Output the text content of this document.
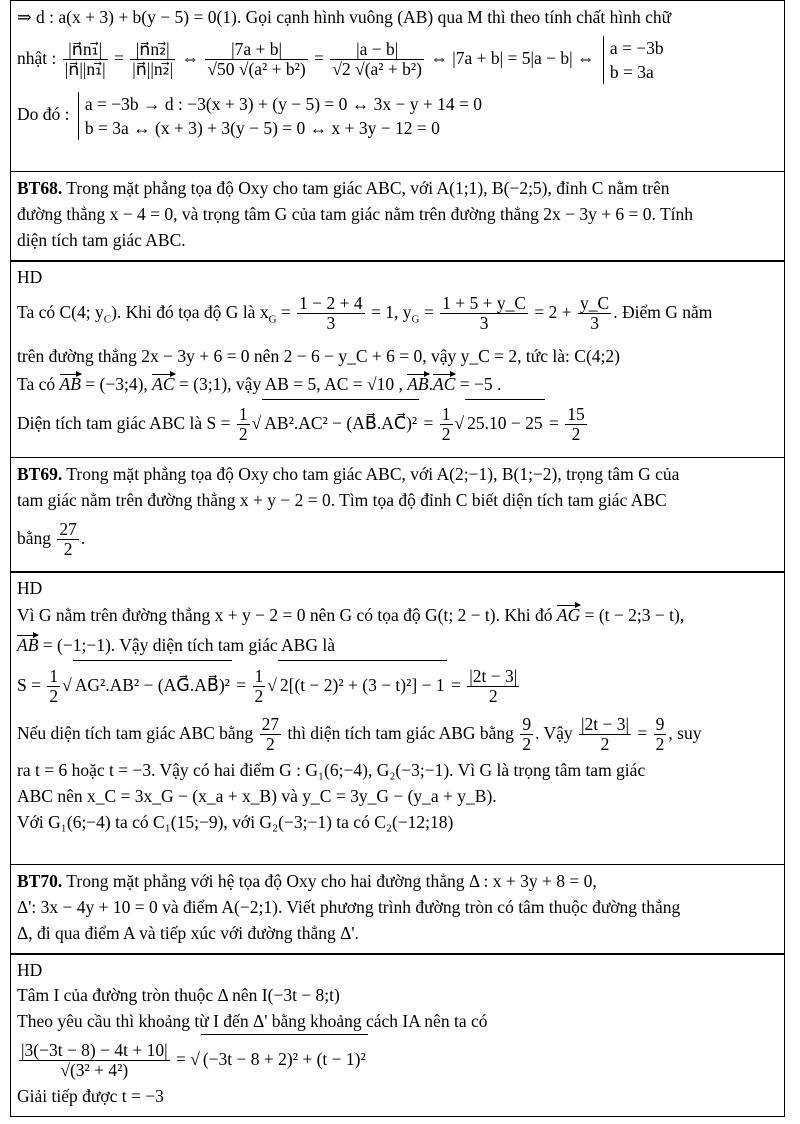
⇒ d : a(x + 3) + b(y − 5) = 0(1). Gọi cạnh hình vuông (AB) qua M thì theo tính chất hình chữ
nhật : $\frac{\text{|n⃗n₁⃗|}}{\text{|n⃗||n₁⃗|}} = \frac{\text{|n⃗n₂⃗|}}{\text{|n⃗||n₂⃗|}}$ ⇔ $\frac{|7a + b|}{\text{√50 √(a² + b²)}} = \frac{|a - b|}{\text{√2 √(a² + b²)}}$ ⇔ |7a + b| = 5|a − b| ⇔
a = −3b
b = 3a
Do đó :
a = −3b → d : −3(x + 3) + (y − 5) = 0 ↔ 3x − y + 14 = 0
b = 3a ↔ (x + 3) + 3(y − 5) = 0 ↔ x + 3y − 12 = 0
BT68. Trong mặt phẳng tọa độ Oxy cho tam giác ABC, với A(1;1), B(−2;5), đỉnh C nằm trên
đường thẳng x − 4 = 0, và trọng tâm G của tam giác nằm trên đường thẳng 2x − 3y + 6 = 0. Tính
diện tích tam giác ABC.
HD
Ta có C(4; $y_C$). Khi đó tọa độ G là $x_G = \frac{1 - 2 + 4}{3} = 1$, $y_G = \frac{1 + 5 + y\_C}{3} = 2 + \frac{y\_C}{3}$ . Điểm G nằm
trên đường thẳng 2x − 3y + 6 = 0 nên 2 − 6 − y_C + 6 = 0, vậy y_C = 2, tức là: C(4;2)
Ta có AB = (−3;4), AC = (3;1), vậy AB = 5, AC = √10 , AB.AC = −5 .
Diện tích tam giác ABC là $S = \frac{1}{2}$ √ AB².AC² − (AB⃗.AC⃗)² = $\frac{1}{2}$ √ $25.10 - 25 = \frac{15}{2}$
BT69. Trong mặt phẳng tọa độ Oxy cho tam giác ABC, với A(2;−1), B(1;−2), trọng tâm G của
tam giác nằm trên đường thẳng x + y − 2 = 0. Tìm tọa độ đỉnh C biết diện tích tam giác ABC
bằng $\frac{27}{2}$ .
HD
Vì G nằm trên đường thẳng x + y − 2 = 0 nên G có tọa độ G(t; 2 − t). Khi đó AG = (t − 2;3 − t),
AB = (−1;−1). Vậy diện tích tam giác ABG là
$S = \frac{1}{2}$ √ AG².AB² − (AG⃗.AB⃗)² = $\frac{1}{2}$ √ $2[(t - 2)^2 + (3 - t)^2] - 1 = \frac{|2t - 3|}{2}$
Nếu diện tích tam giác ABC bằng $\frac{27}{2}$ thì diện tích tam giác ABG bằng $\frac{9}{2}$ . Vậy $\frac{|2t - 3|}{2} = \frac{9}{2}$ , suy
ra t = 6 hoặc t = −3. Vậy có hai điểm G : G₁(6;−4), G₂(−3;−1). Vì G là trọng tâm tam giác
ABC nên x_C = 3x_G − (x_a + x_B) và y_C = 3y_G − (y_a + y_B).
Với G₁(6;−4) ta có C₁(15;−9), với G₂(−3;−1) ta có C₂(−12;18)
BT70. Trong mặt phẳng với hệ tọa độ Oxy cho hai đường thẳng Δ : x + 3y + 8 = 0,
Δ': 3x − 4y + 10 = 0 và điểm A(−2;1). Viết phương trình đường tròn có tâm thuộc đường thẳng
Δ, đi qua điểm A và tiếp xúc với đường thẳng Δ'.
HD
Tâm I của đường tròn thuộc Δ nên I(−3t − 8;t)
Theo yêu cầu thì khoảng từ I đến Δ' bằng khoảng cách IA nên ta có
$\frac{|3(-3t - 8) - 4t + 10|}{\text{√(3² + 4²)}}$ = √ (−3t − 8 + 2)² + (t − 1)²
Giải tiếp được t = −3
